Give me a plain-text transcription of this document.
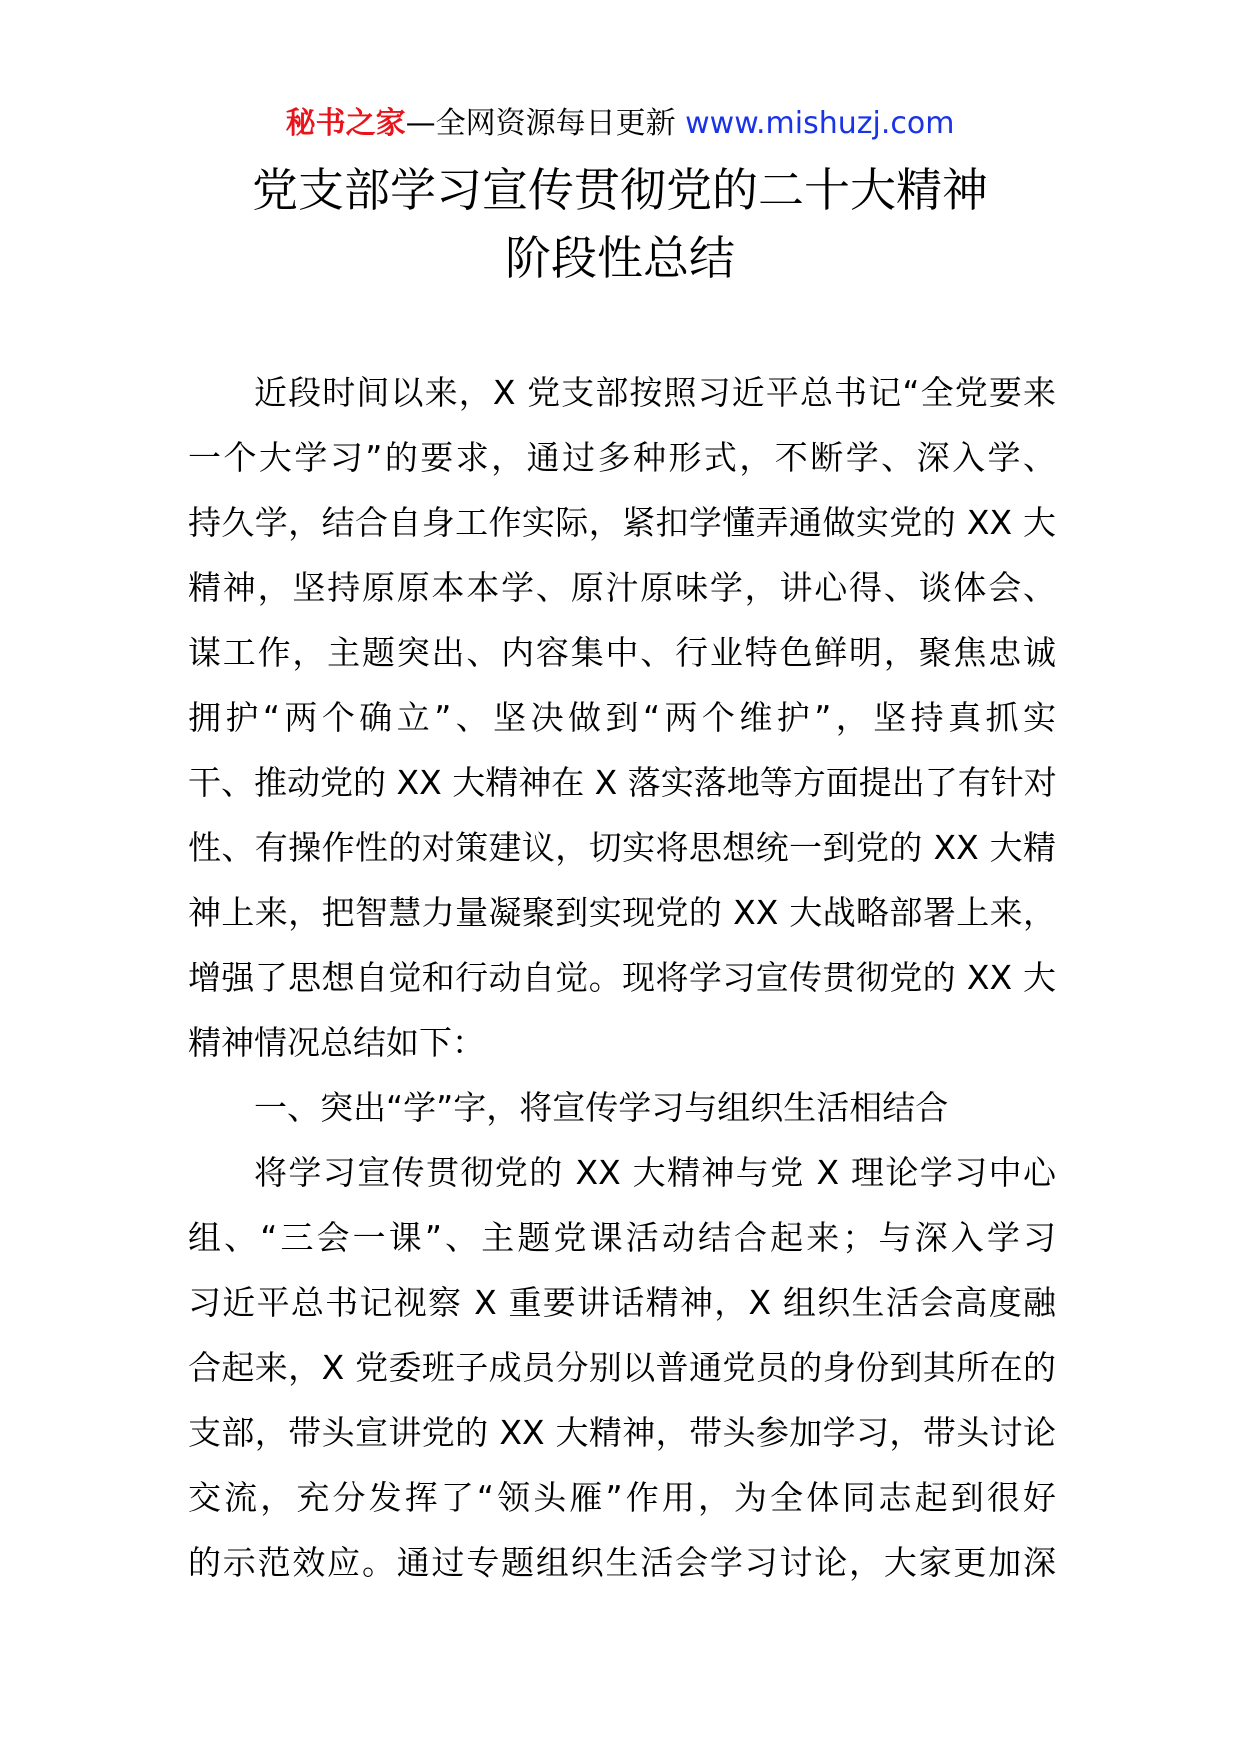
秘书之家—全网资源每日更新 www.mishuzj.com
党支部学习宣传贯彻党的二十大精神
阶段性总结
近段时间以来，X 党支部按照习近平总书记“全党要来
一个大学习”的要求，通过多种形式，不断学、深入学、
持久学，结合自身工作实际，紧扣学懂弄通做实党的 XX 大
精神，坚持原原本本学、原汁原味学，讲心得、谈体会、
谋工作，主题突出、内容集中、行业特色鲜明，聚焦忠诚
拥护“两个确立”、坚决做到“两个维护”，坚持真抓实
干、推动党的 XX 大精神在 X 落实落地等方面提出了有针对
性、有操作性的对策建议，切实将思想统一到党的 XX 大精
神上来，把智慧力量凝聚到实现党的 XX 大战略部署上来，
增强了思想自觉和行动自觉。现将学习宣传贯彻党的 XX 大
精神情况总结如下：
一、突出“学”字，将宣传学习与组织生活相结合
将学习宣传贯彻党的 XX 大精神与党 X 理论学习中心
组、“三会一课”、主题党课活动结合起来；与深入学习
习近平总书记视察 X 重要讲话精神，X 组织生活会高度融
合起来，X 党委班子成员分别以普通党员的身份到其所在的
支部，带头宣讲党的 XX 大精神，带头参加学习，带头讨论
交流，充分发挥了“领头雁”作用，为全体同志起到很好
的示范效应。通过专题组织生活会学习讨论，大家更加深
